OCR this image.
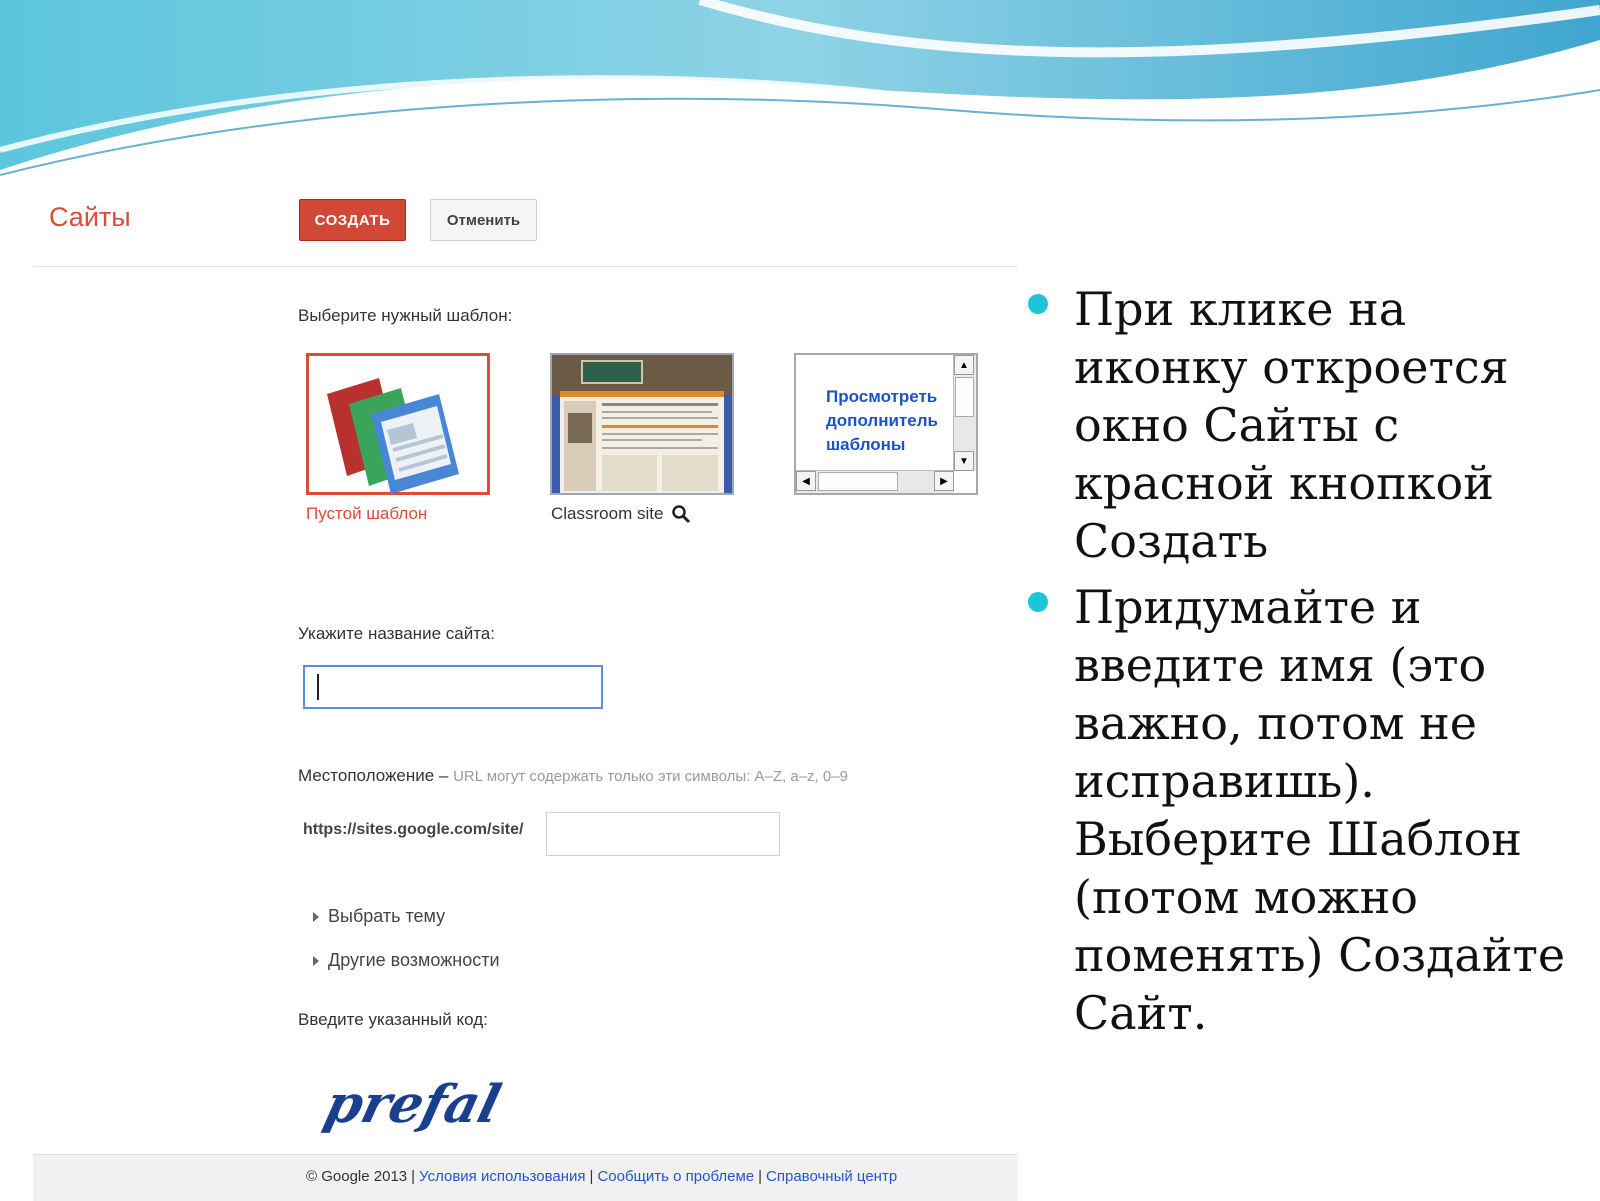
Сайты	СОЗДАТЬ	Отменить
Выберите нужный шаблон:
Пустой шаблон	Classroom site
Просмотреть
дополнитель
шаблоны
▲
▼
◀	▶
Укажите название сайта:
Местоположение – URL могут содержать только эти символы: A–Z, a–z, 0–9
https://sites.google.com/site/
Выбрать тему
Другие возможности
Введите указанный код:
prefal
© Google 2013 | Условия использования | Сообщить о проблеме | Справочный центр
При клике на иконку откроется окно Сайты с красной кнопкой Создать
Придумайте и введите имя (это важно, потом не исправишь). Выберите Шаблон (потом можно поменять) Создайте Сайт.
